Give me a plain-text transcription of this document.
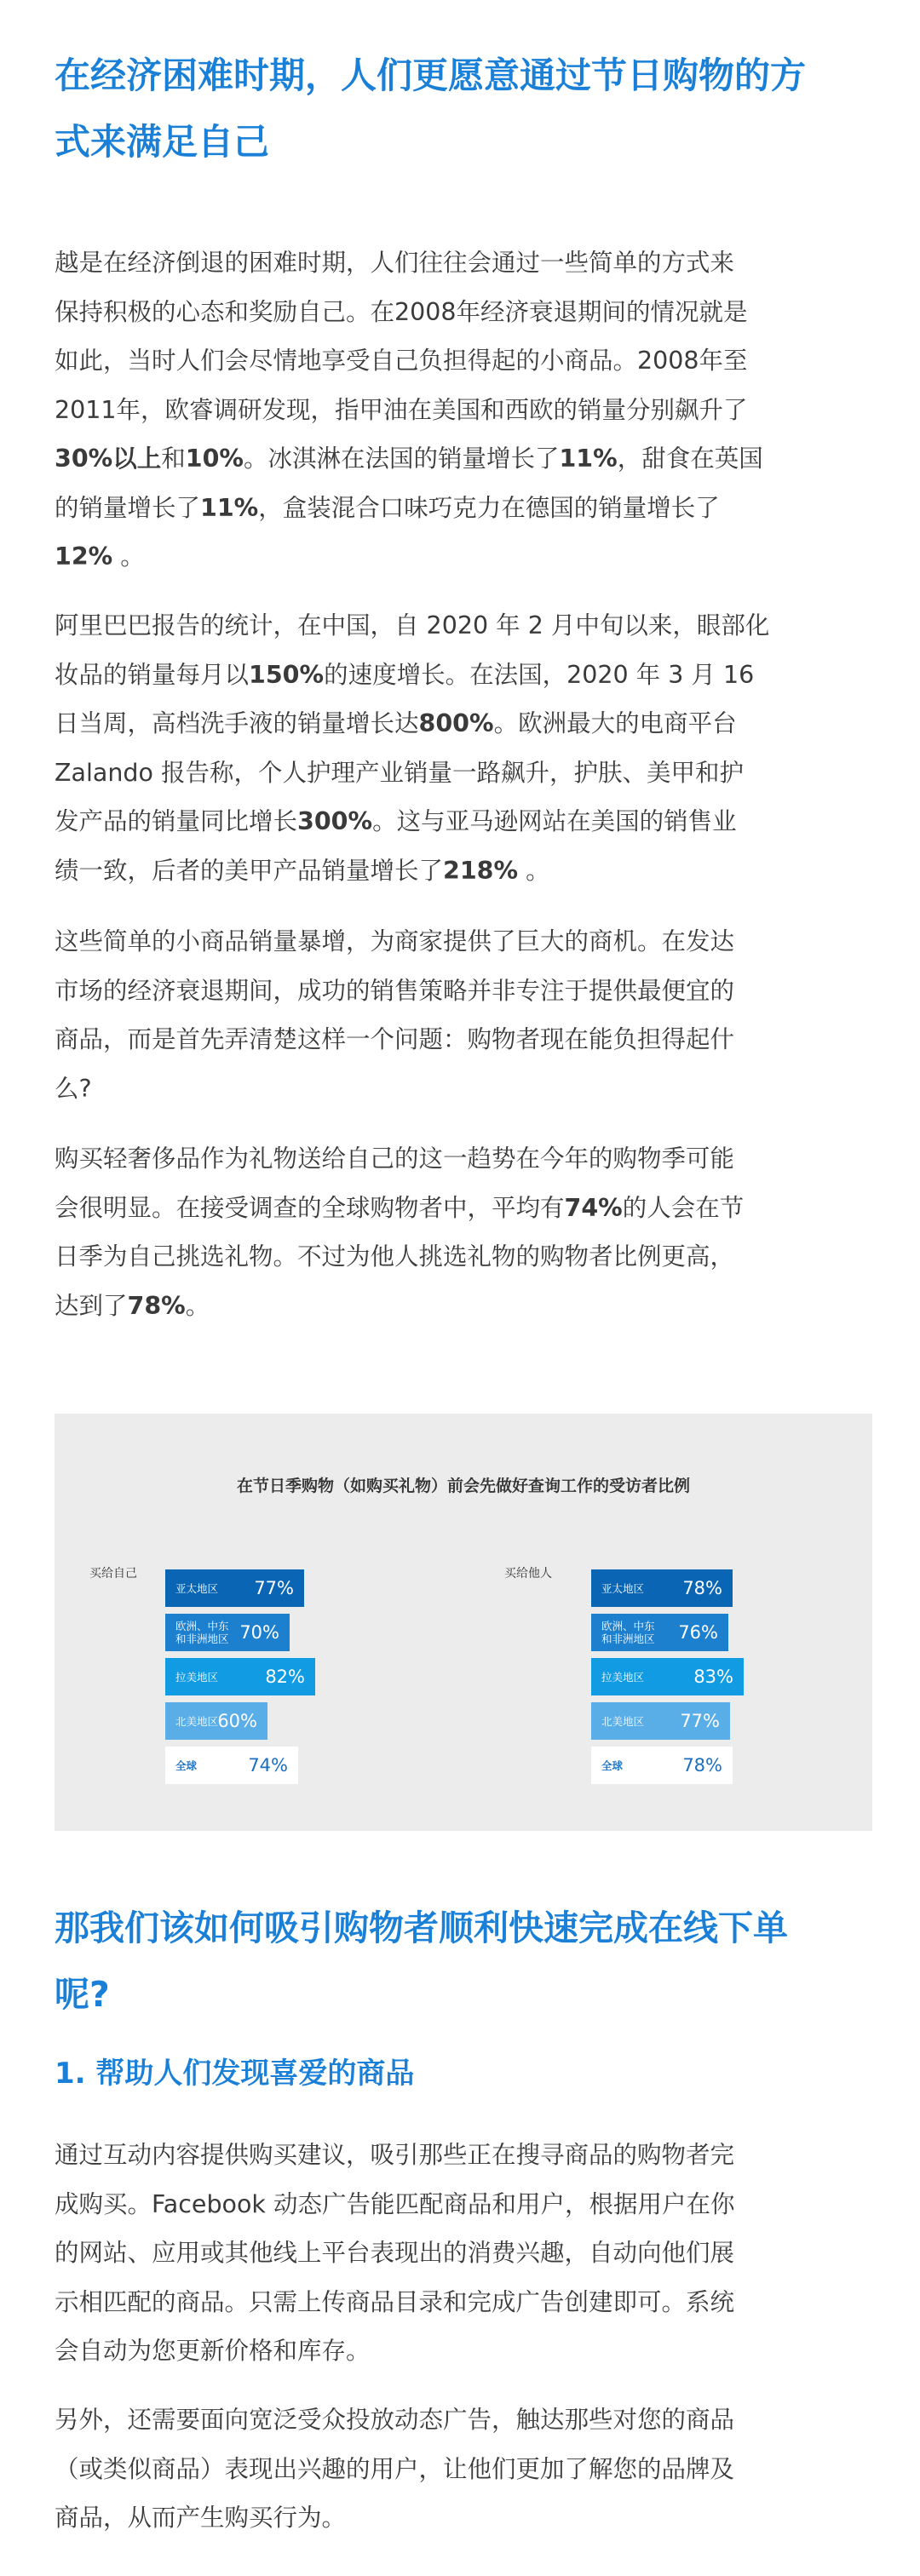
在经济困难时期，人们更愿意通过节日购物的方
式来满足自己
越是在经济倒退的困难时期，人们往往会通过一些简单的方式来
保持积极的心态和奖励自己。在2008年经济衰退期间的情况就是
如此，当时人们会尽情地享受自己负担得起的小商品。2008年至
2011年，欧睿调研发现，指甲油在美国和西欧的销量分别飙升了
30%以上和10%。冰淇淋在法国的销量增长了11%，甜食在英国
的销量增长了11%，盒装混合口味巧克力在德国的销量增长了
12% 。
阿里巴巴报告的统计，在中国，自 2020 年 2 月中旬以来，眼部化
妆品的销量每月以150%的速度增长。在法国，2020 年 3 月 16
日当周，高档洗手液的销量增长达800%。欧洲最大的电商平台
Zalando 报告称，个人护理产业销量一路飙升，护肤、美甲和护
发产品的销量同比增长300%。这与亚马逊网站在美国的销售业
绩一致，后者的美甲产品销量增长了218% 。
这些简单的小商品销量暴增，为商家提供了巨大的商机。在发达
市场的经济衰退期间，成功的销售策略并非专注于提供最便宜的
商品，而是首先弄清楚这样一个问题：购物者现在能负担得起什
么?
购买轻奢侈品作为礼物送给自己的这一趋势在今年的购物季可能
会很明显。在接受调查的全球购物者中，平均有74%的人会在节
日季为自己挑选礼物。不过为他人挑选礼物的购物者比例更高，
达到了78%。
在节日季购物（如购买礼物）前会先做好查询工作的受访者比例
买给自己	买给他人
亚太地区 77%
欧洲、中东
和非洲地区 70%
拉美地区	82%
北美地区 60%
全球	74%
亚太地区 78%
欧洲、中东
和非洲地区 76%
拉美地区	83%
北美地区 77%
全球	78%
那我们该如何吸引购物者顺利快速完成在线下单
呢?
1. 帮助人们发现喜爱的商品
通过互动内容提供购买建议，吸引那些正在搜寻商品的购物者完
成购买。Facebook 动态广告能匹配商品和用户，根据用户在你
的网站、应用或其他线上平台表现出的消费兴趣，自动向他们展
示相匹配的商品。只需上传商品目录和完成广告创建即可。系统
会自动为您更新价格和库存。
另外，还需要面向宽泛受众投放动态广告，触达那些对您的商品
（或类似商品）表现出兴趣的用户，让他们更加了解您的品牌及
商品，从而产生购买行为。
